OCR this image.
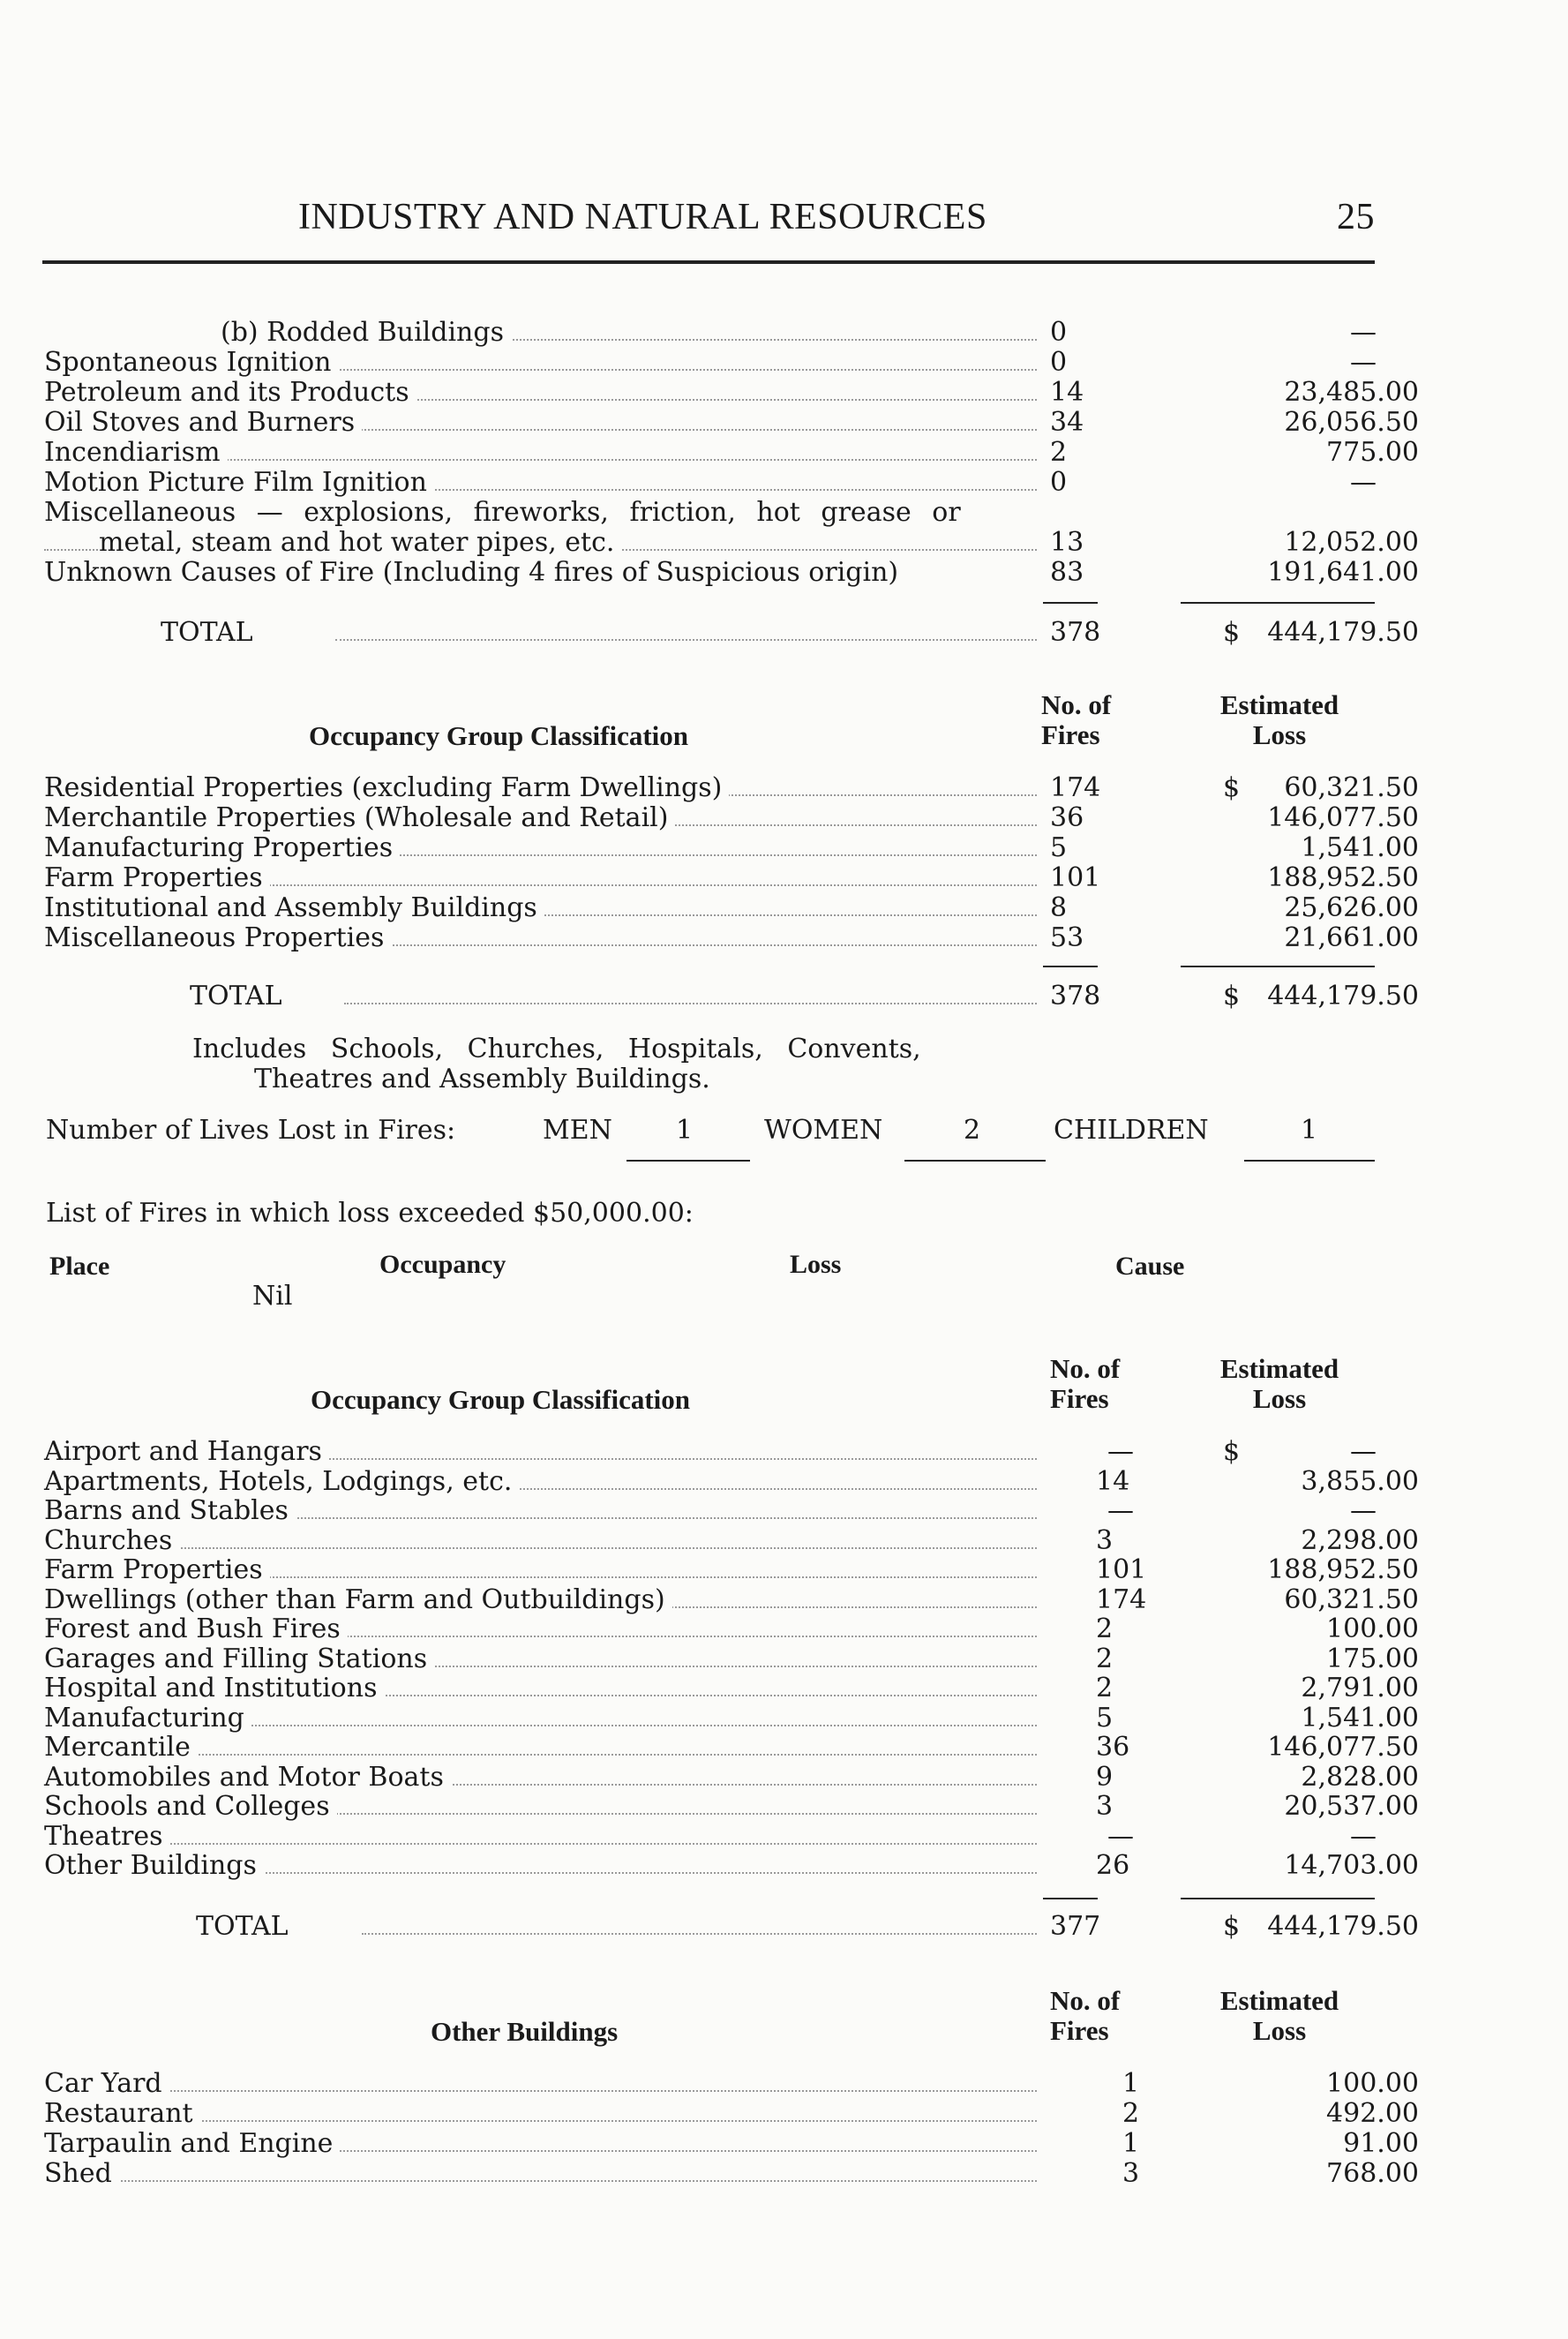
INDUSTRY AND NATURAL RESOURCES	25
(b) Rodded Buildings	0	—
Spontaneous Ignition	0	—
Petroleum and its Products	14	23,485.00
Oil Stoves and Burners	34	26,056.50
Incendiarism	2	775.00
Motion Picture Film Ignition	0	—
Miscellaneous — explosions, fireworks, friction, hot grease or
metal, steam and hot water pipes, etc.	13	12,052.00
Unknown Causes of Fire (Including 4 fires of Suspicious origin)	83	191,641.00
TOTAL	378	$	444,179.50
Occupancy Group Classification
No. of
Fires
Estimated
Loss
Residential Properties (excluding Farm Dwellings)	174	$	60,321.50
Merchantile Properties (Wholesale and Retail)	36	146,077.50
Manufacturing Properties	5	1,541.00
Farm Properties	101	188,952.50
Institutional and Assembly Buildings	8	25,626.00
Miscellaneous Properties	53	21,661.00
TOTAL	378	$	444,179.50
Includes Schools, Churches, Hospitals, Convents,
Theatres and Assembly Buildings.
Number of Lives Lost in Fires:	MEN 1	WOMEN	2	CHILDREN	1
List of Fires in which loss exceeded $50,000.00:
Place	Occupancy	Loss	Cause
Nil
Occupancy Group Classification
No. of
Fires
Estimated
Loss
Airport and Hangars	—	$	—
Apartments, Hotels, Lodgings, etc.	14	3,855.00
Barns and Stables	—	—
Churches	3	2,298.00
Farm Properties	101	188,952.50
Dwellings (other than Farm and Outbuildings)	174	60,321.50
Forest and Bush Fires	2	100.00
Garages and Filling Stations	2	175.00
Hospital and Institutions	2	2,791.00
Manufacturing	5	1,541.00
Mercantile	36	146,077.50
Automobiles and Motor Boats	9	2,828.00
Schools and Colleges	3	20,537.00
Theatres	—	—
Other Buildings	26	14,703.00
TOTAL	377	$	444,179.50
Other Buildings
No. of
Fires
Estimated
Loss
Car Yard	1	100.00
Restaurant	2	492.00
Tarpaulin and Engine	1	91.00
Shed	3	768.00
